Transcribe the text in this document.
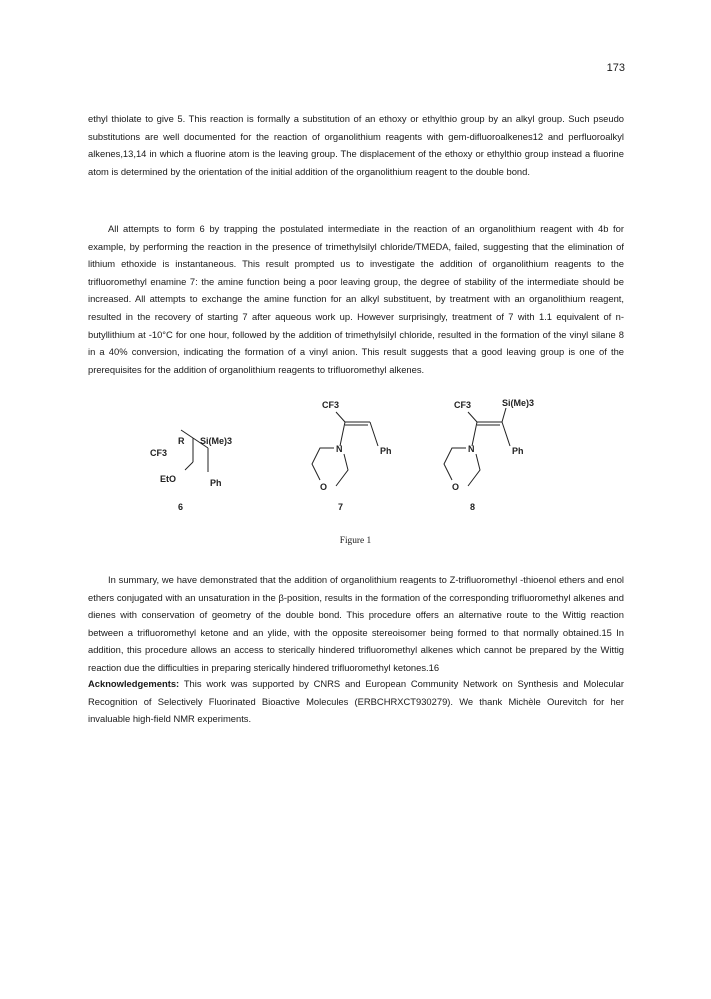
173
ethyl thiolate to give 5. This reaction is formally a substitution of an ethoxy or ethylthio group by an alkyl group. Such pseudo substitutions are well documented for the reaction of organolithium reagents with gem-difluoroalkenes12 and perfluoroalkyl alkenes,13,14 in which a fluorine atom is the leaving group. The displacement of the ethoxy or ethylthio group instead a fluorine atom is determined by the orientation of the initial addition of the organolithium reagent to the double bond.
All attempts to form 6 by trapping the postulated intermediate in the reaction of an organolithium reagent with 4b for example, by performing the reaction in the presence of trimethylsilyl chloride/TMEDA, failed, suggesting that the elimination of lithium ethoxide is instantaneous. This result prompted us to investigate the addition of organolithium reagents to the trifluoromethyl enamine 7: the amine function being a poor leaving group, the degree of stability of the intermediate should be increased. All attempts to exchange the amine function for an alkyl substituent, by treatment with an organolithium reagent, resulted in the recovery of starting 7 after aqueous work up. However surprisingly, treatment of 7 with 1.1 equivalent of n-butyllithium at -10°C for one hour, followed by the addition of trimethylsilyl chloride, resulted in the formation of the vinyl silane 8 in a 40% conversion, indicating the formation of a vinyl anion. This result suggests that a good leaving group is one of the prerequisites for the addition of organolithium reagents to trifluoromethyl alkenes.
R Si(Me)3
CF3
EtO	Ph
6
CF3
N	Ph
O
7
CF3	Si(Me)3
N	Ph
O
8
Figure 1
In summary, we have demonstrated that the addition of organolithium reagents to Z-trifluoromethyl -thioenol ethers and enol ethers conjugated with an unsaturation in the β-position, results in the formation of the corresponding trifluoromethyl alkenes and dienes with conservation of geometry of the double bond. This procedure offers an alternative route to the Wittig reaction between a trifluoromethyl ketone and an ylide, with the opposite stereoisomer being formed to that normally obtained.15 In addition, this procedure allows an access to sterically hindered trifluoromethyl alkenes which cannot be prepared by the Wittig reaction due the difficulties in preparing sterically hindered trifluoromethyl ketones.16
Acknowledgements: This work was supported by CNRS and European Community Network on Synthesis and Molecular Recognition of Selectively Fluorinated Bioactive Molecules (ERBCHRXCT930279). We thank Michèle Ourevitch for her invaluable high-field NMR experiments.
